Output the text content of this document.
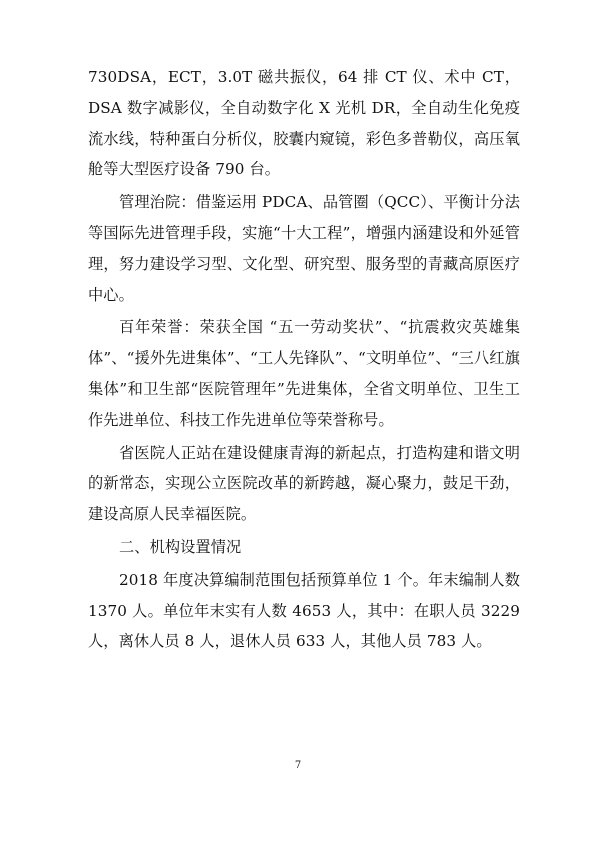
730DSA，ECT，3.0T 磁共振仪，64 排 CT 仪、术中 CT，DSA 数字减影仪，全自动数字化 X 光机 DR，全自动生化免疫流水线，特种蛋白分析仪，胶囊内窥镜，彩色多普勒仪，高压氧舱等大型医疗设备 790 台。

管理治院：借鉴运用 PDCA、品管圈（QCC）、平衡计分法等国际先进管理手段，实施“十大工程”，增强内涵建设和外延管理，努力建设学习型、文化型、研究型、服务型的青藏高原医疗中心。

百年荣誉：荣获全国 “五一劳动奖状”、“抗震救灾英雄集体”、“援外先进集体”、“工人先锋队”、“文明单位”、“三八红旗集体”和卫生部“医院管理年”先进集体，全省文明单位、卫生工作先进单位、科技工作先进单位等荣誉称号。

省医院人正站在建设健康青海的新起点，打造构建和谐文明的新常态，实现公立医院改革的新跨越，凝心聚力，鼓足干劲，建设高原人民幸福医院。

二、机构设置情况

2018 年度决算编制范围包括预算单位 1 个。年末编制人数 1370 人。单位年末实有人数 4653 人，其中：在职人员 3229 人，离休人员 8 人，退休人员 633 人，其他人员 783 人。

7
